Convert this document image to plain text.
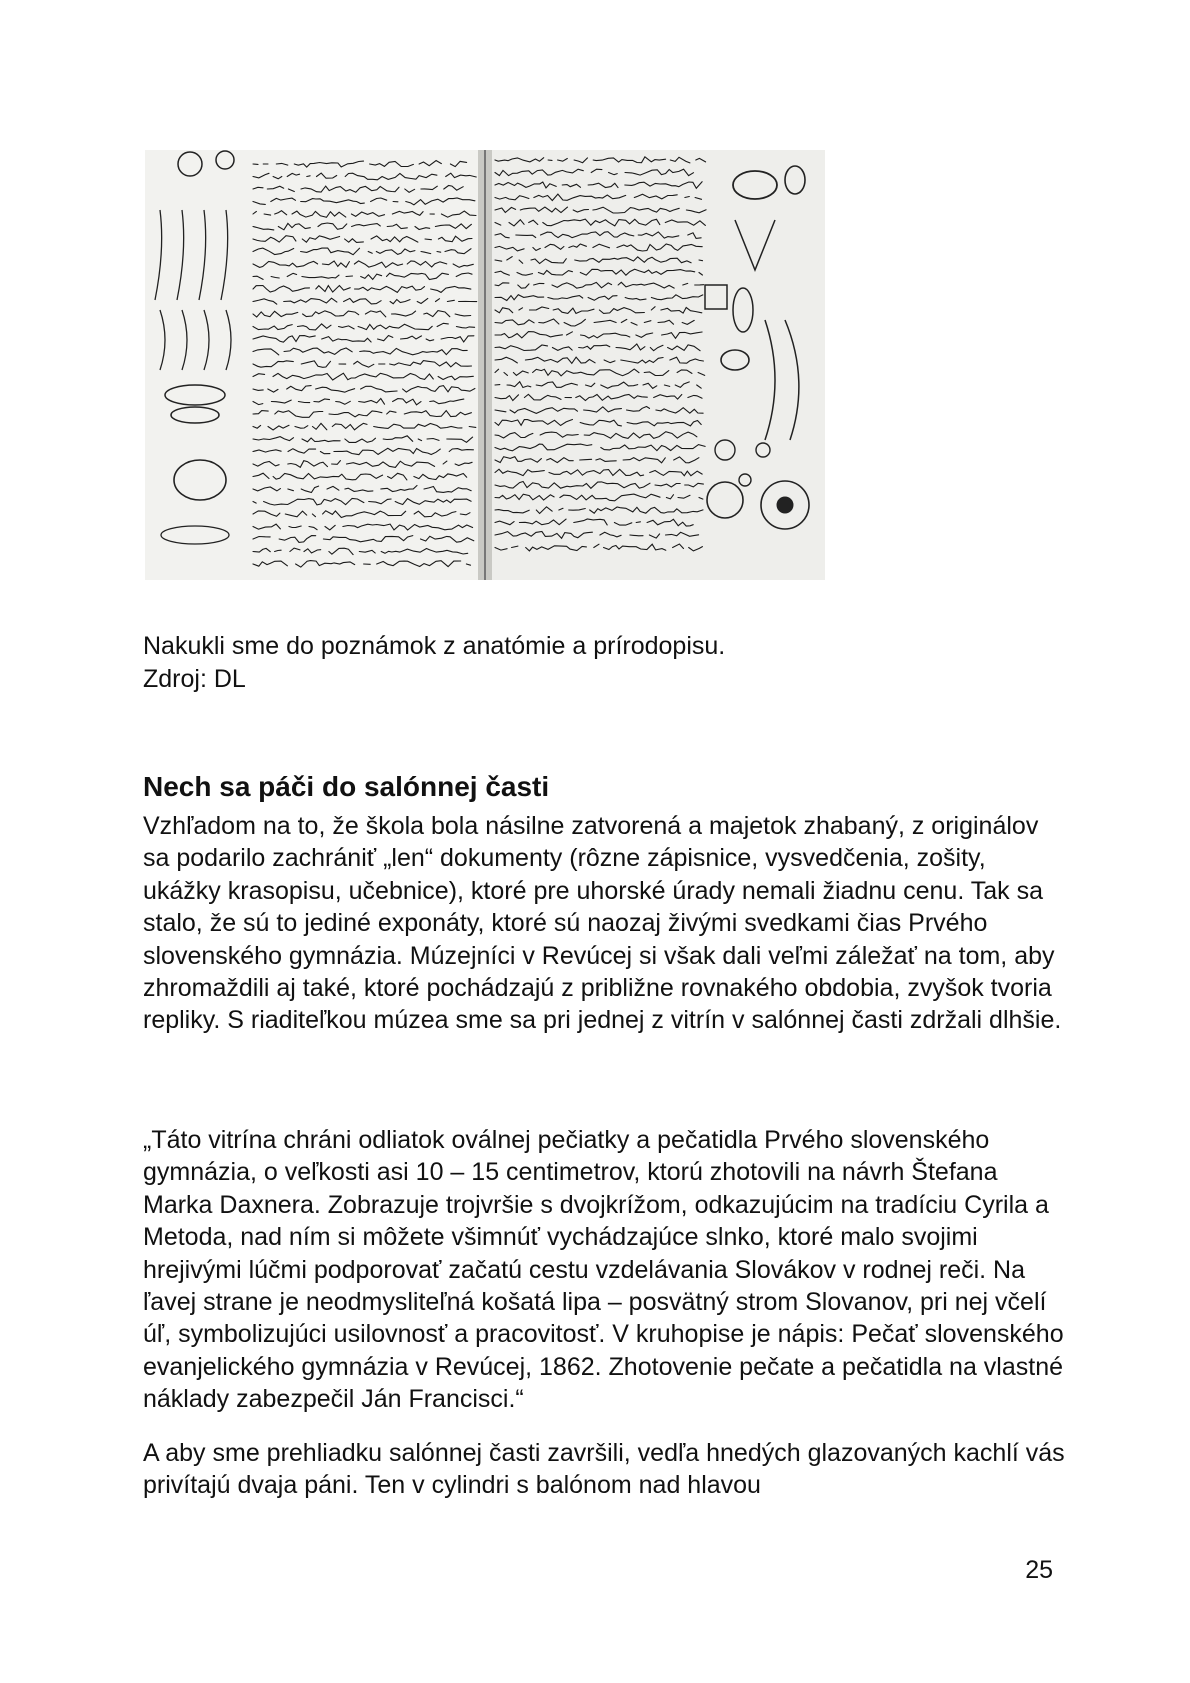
Nakukli sme do poznámok z anatómie a prírodopisu.
Zdroj: DL

Nech sa páči do salónnej časti

Vzhľadom na to, že škola bola násilne zatvorená a majetok zhabaný, z originálov sa podarilo zachrániť „len“ dokumenty (rôzne zápisnice, vysvedčenia, zošity, ukážky krasopisu, učebnice), ktoré pre uhorské úrady nemali žiadnu cenu. Tak sa stalo, že sú to jediné exponáty, ktoré sú naozaj živými svedkami čias Prvého slovenského gymnázia. Múzejníci v Revúcej si však dali veľmi záležať na tom, aby zhromaždili aj také, ktoré pochádzajú z približne rovnakého obdobia, zvyšok tvoria repliky. S riaditeľkou múzea sme sa pri jednej z vitrín v salónnej časti zdržali dlhšie.

„Táto vitrína chráni odliatok oválnej pečiatky a pečatidla Prvého slovenského gymnázia, o veľkosti asi 10 – 15 centimetrov, ktorú zhotovili na návrh Štefana Marka Daxnera. Zobrazuje trojvršie s dvojkrížom, odkazujúcim na tradíciu Cyrila a Metoda, nad ním si môžete všimnúť vychádzajúce slnko, ktoré malo svojimi hrejivými lúčmi podporovať začatú cestu vzdelávania Slovákov v rodnej reči. Na ľavej strane je neodmysliteľná košatá lipa – posvätný strom Slovanov, pri nej včelí úľ, symbolizujúci usilovnosť a pracovitosť. V kruhopise je nápis: Pečať slovenského evanjelického gymnázia v Revúcej, 1862. Zhotovenie pečate a pečatidla na vlastné náklady zabezpečil Ján Francisci.“

A aby sme prehliadku salónnej časti završili, vedľa hnedých glazovaných kachlí vás privítajú dvaja páni. Ten v cylindri s balónom nad hlavou

25
